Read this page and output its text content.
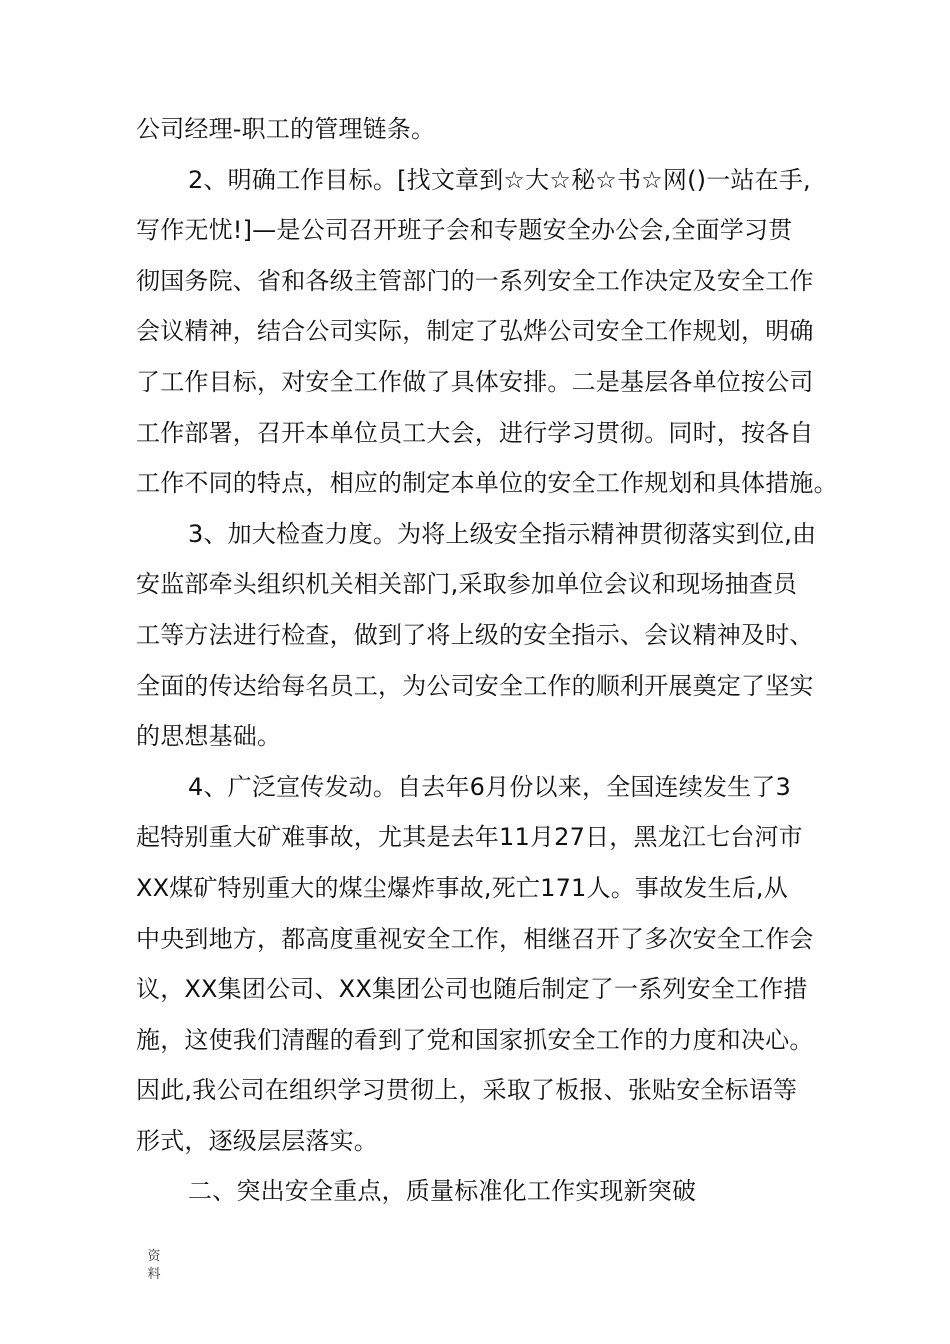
公司经理-职工的管理链条。
2、明确工作目标。[找文章到☆大☆秘☆书☆网()一站在手,
写作无忧!]—是公司召开班子会和专题安全办公会,全面学习贯
彻国务院、省和各级主管部门的一系列安全工作决定及安全工作
会议精神，结合公司实际，制定了弘烨公司安全工作规划，明确
了工作目标，对安全工作做了具体安排。二是基层各单位按公司
工作部署，召开本单位员工大会，进行学习贯彻。同时，按各自
工作不同的特点，相应的制定本单位的安全工作规划和具体措施。
3、加大检查力度。为将上级安全指示精神贯彻落实到位,由
安监部牵头组织机关相关部门,采取参加单位会议和现场抽查员
工等方法进行检查，做到了将上级的安全指示、会议精神及时、
全面的传达给每名员工，为公司安全工作的顺利开展奠定了坚实
的思想基础。
4、广泛宣传发动。自去年6月份以来，全国连续发生了3
起特别重大矿难事故，尤其是去年11月27日，黑龙江七台河市
XX煤矿特别重大的煤尘爆炸事故,死亡171人。事故发生后,从
中央到地方，都高度重视安全工作，相继召开了多次安全工作会
议，XX集团公司、XX集团公司也随后制定了一系列安全工作措
施，这使我们清醒的看到了党和国家抓安全工作的力度和决心。
因此,我公司在组织学习贯彻上，采取了板报、张贴安全标语等
形式，逐级层层落实。
二、突出安全重点，质量标准化工作实现新突破
资
料
